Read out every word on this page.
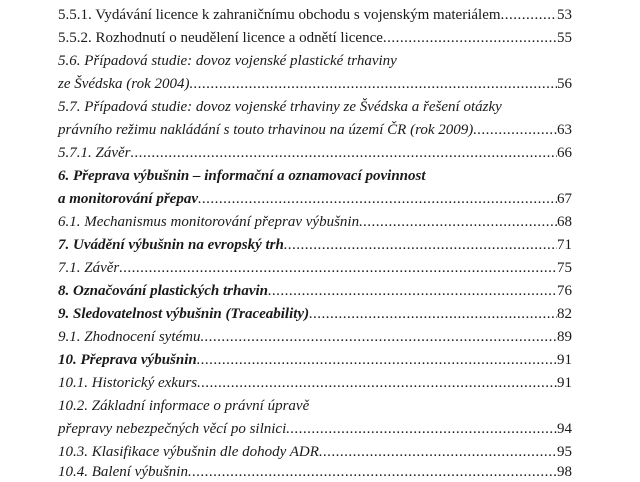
5.5.1. Vydávání licence k zahraničnímu obchodu s vojenským materiálem .....	53
5.5.2. Rozhodnutí o neudělení licence a odnětí licence .....	55
5.6. Případová studie: dovoz vojenské plastické trhaviny
ze Švédska (rok 2004) .....	56
5.7. Případová studie: dovoz vojenské trhaviny ze Švédska a řešení otázky
právního režimu nakládání s touto trhavinou na území ČR (rok 2009) .....	63
5.7.1. Závěr .....	66
6. Přeprava výbušnin – informační a oznamovací povinnost
a monitorování přepav .....	67
6.1. Mechanismus monitorování přeprav výbušnin .....	68
7. Uvádění výbušnin na evropský trh .....	71
7.1. Závěr .....	75
8. Označování plastických trhavin .....	76
9. Sledovatelnost výbušnin (Traceability) .....	82
9.1. Zhodnocení sytému .....	89
10. Přeprava výbušnin .....	91
10.1. Historický exkurs .....	91
10.2. Základní informace o právní úpravě
přepravy nebezpečných věcí po silnici .....	94
10.3. Klasifikace výbušnin dle dohody ADR .....	95
10.4. Balení výbušnin .....	98
